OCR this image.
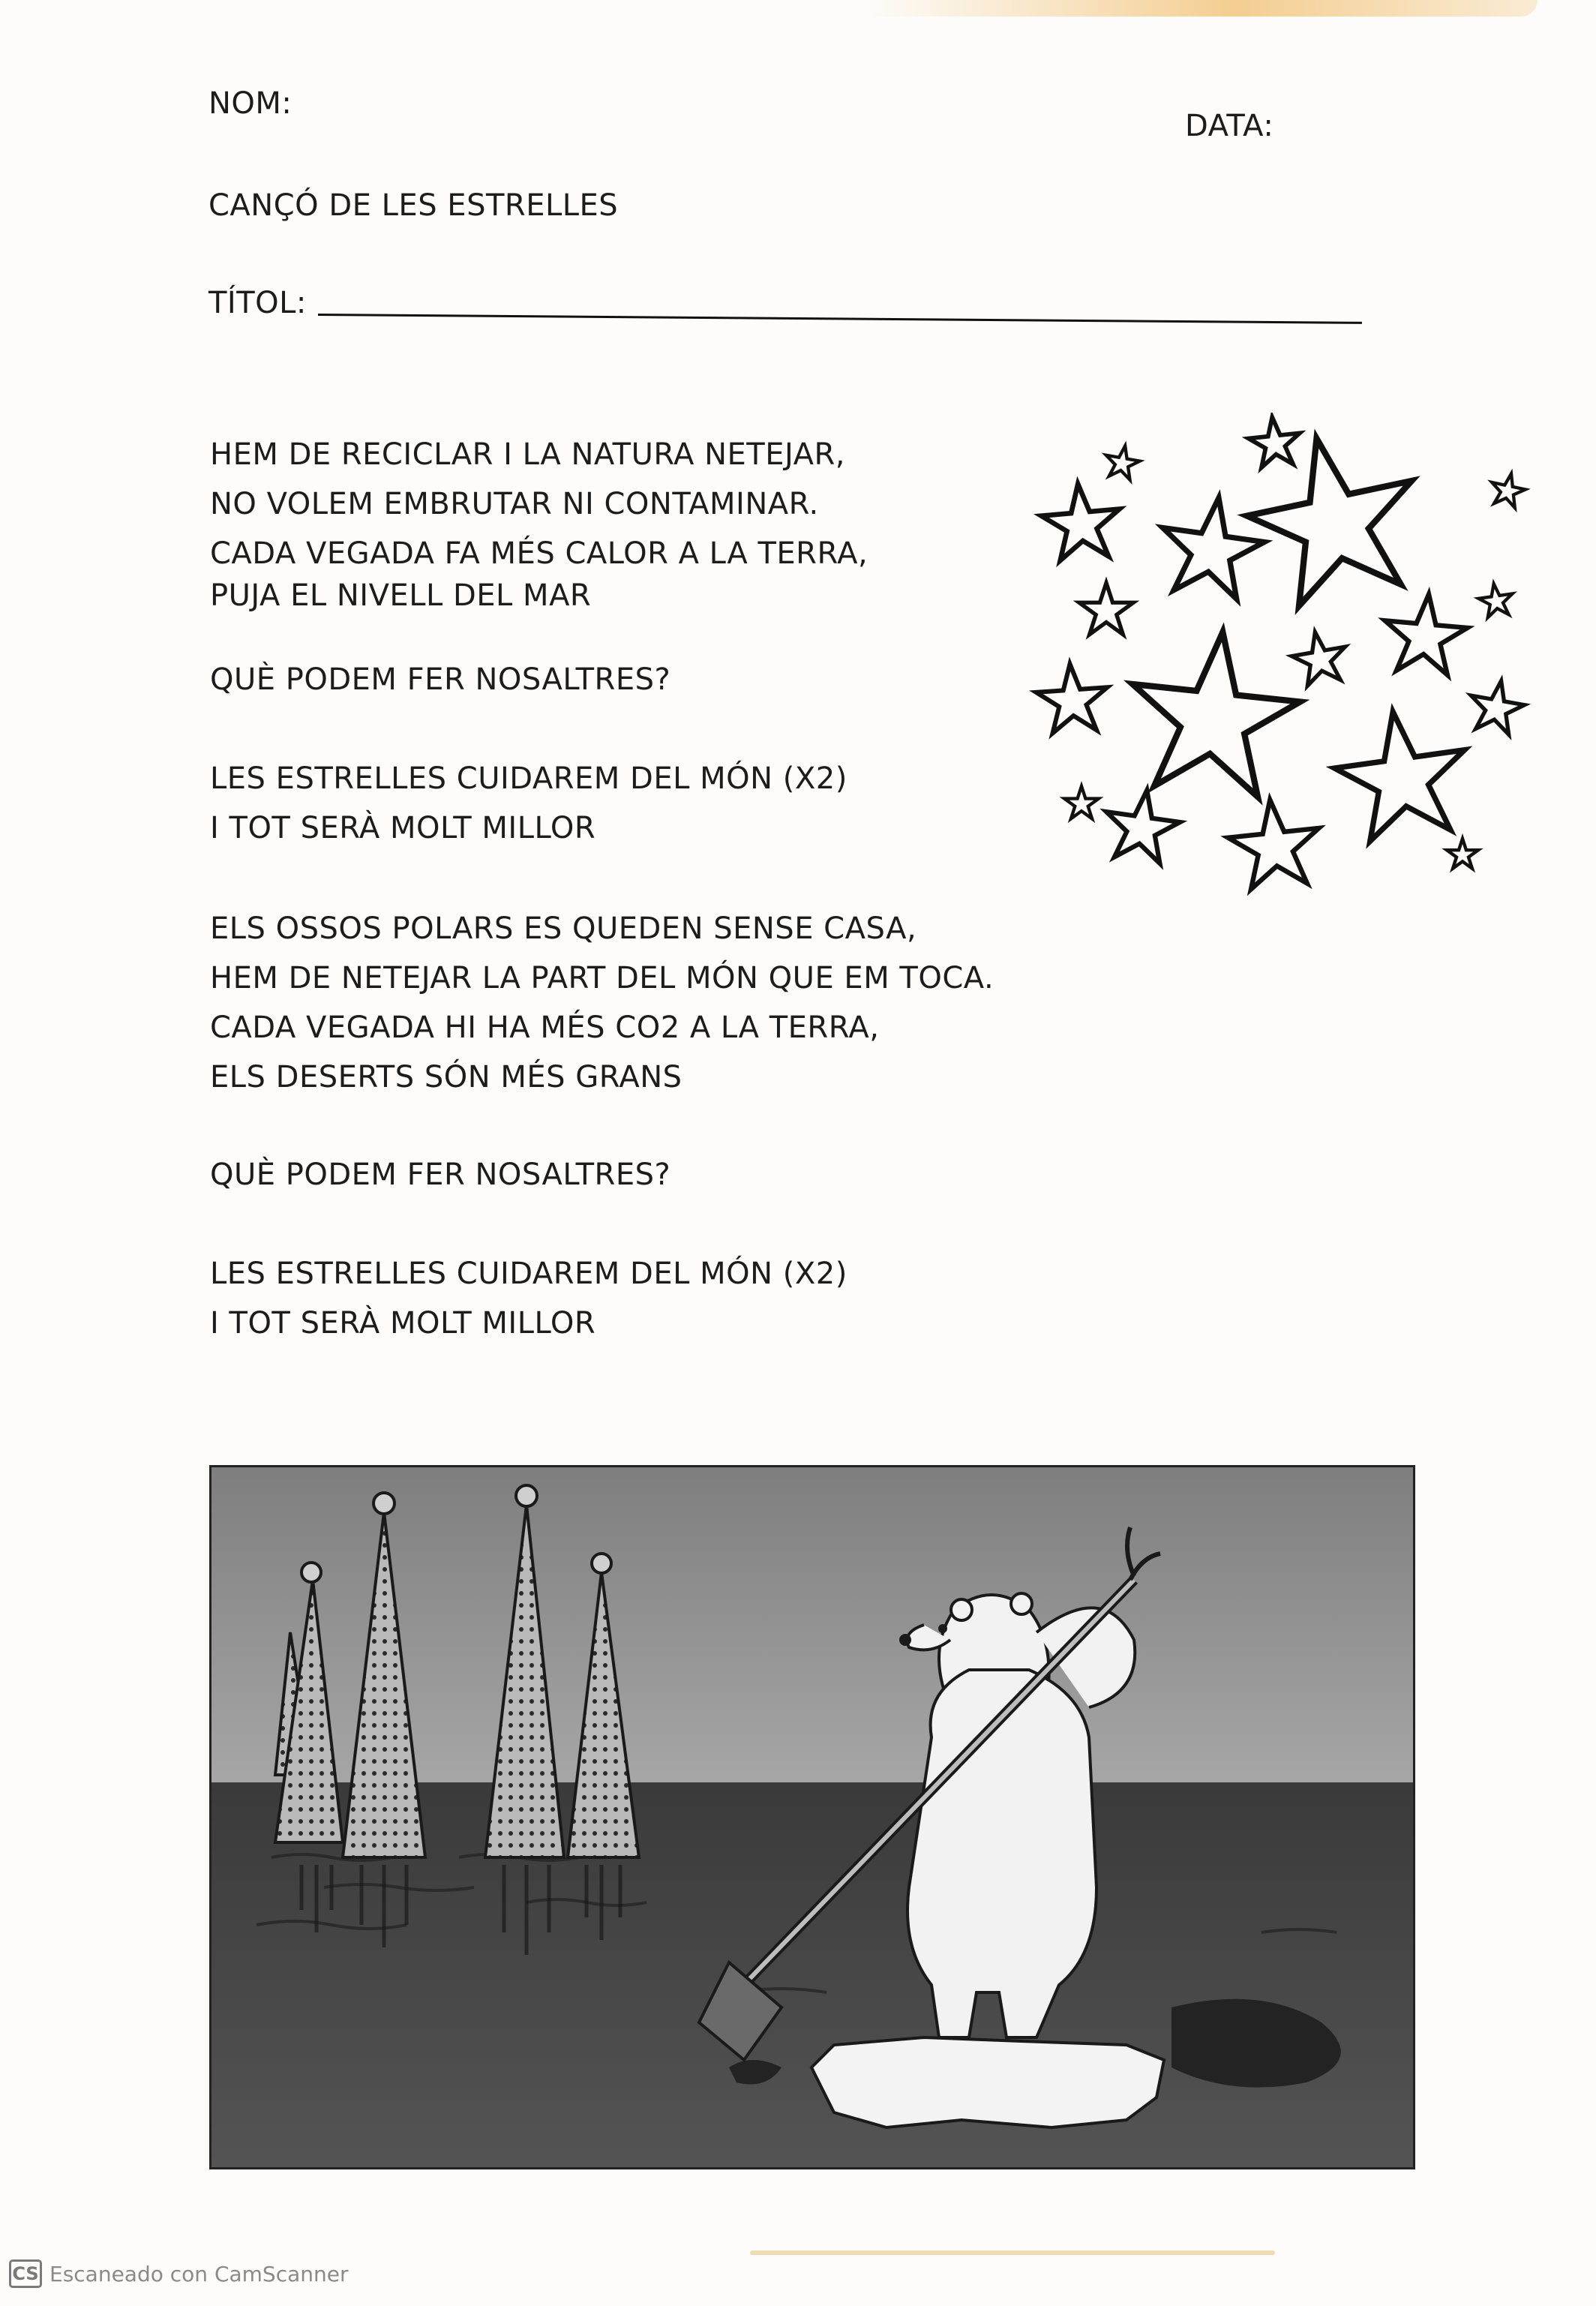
NOM:
DATA:
CANÇÓ DE LES ESTRELLES
TÍTOL:
HEM DE RECICLAR I LA NATURA NETEJAR,
NO VOLEM EMBRUTAR NI CONTAMINAR.
CADA VEGADA FA MÉS CALOR A LA TERRA,
PUJA EL NIVELL DEL MAR
QUÈ PODEM FER NOSALTRES?
LES ESTRELLES CUIDAREM DEL MÓN (X2)
I TOT SERÀ MOLT MILLOR
ELS OSSOS POLARS ES QUEDEN SENSE CASA,
HEM DE NETEJAR LA PART DEL MÓN QUE EM TOCA.
CADA VEGADA HI HA MÉS CO2 A LA TERRA,
ELS DESERTS SÓN MÉS GRANS
QUÈ PODEM FER NOSALTRES?
LES ESTRELLES CUIDAREM DEL MÓN (X2)
I TOT SERÀ MOLT MILLOR
CS Escaneado con CamScanner
